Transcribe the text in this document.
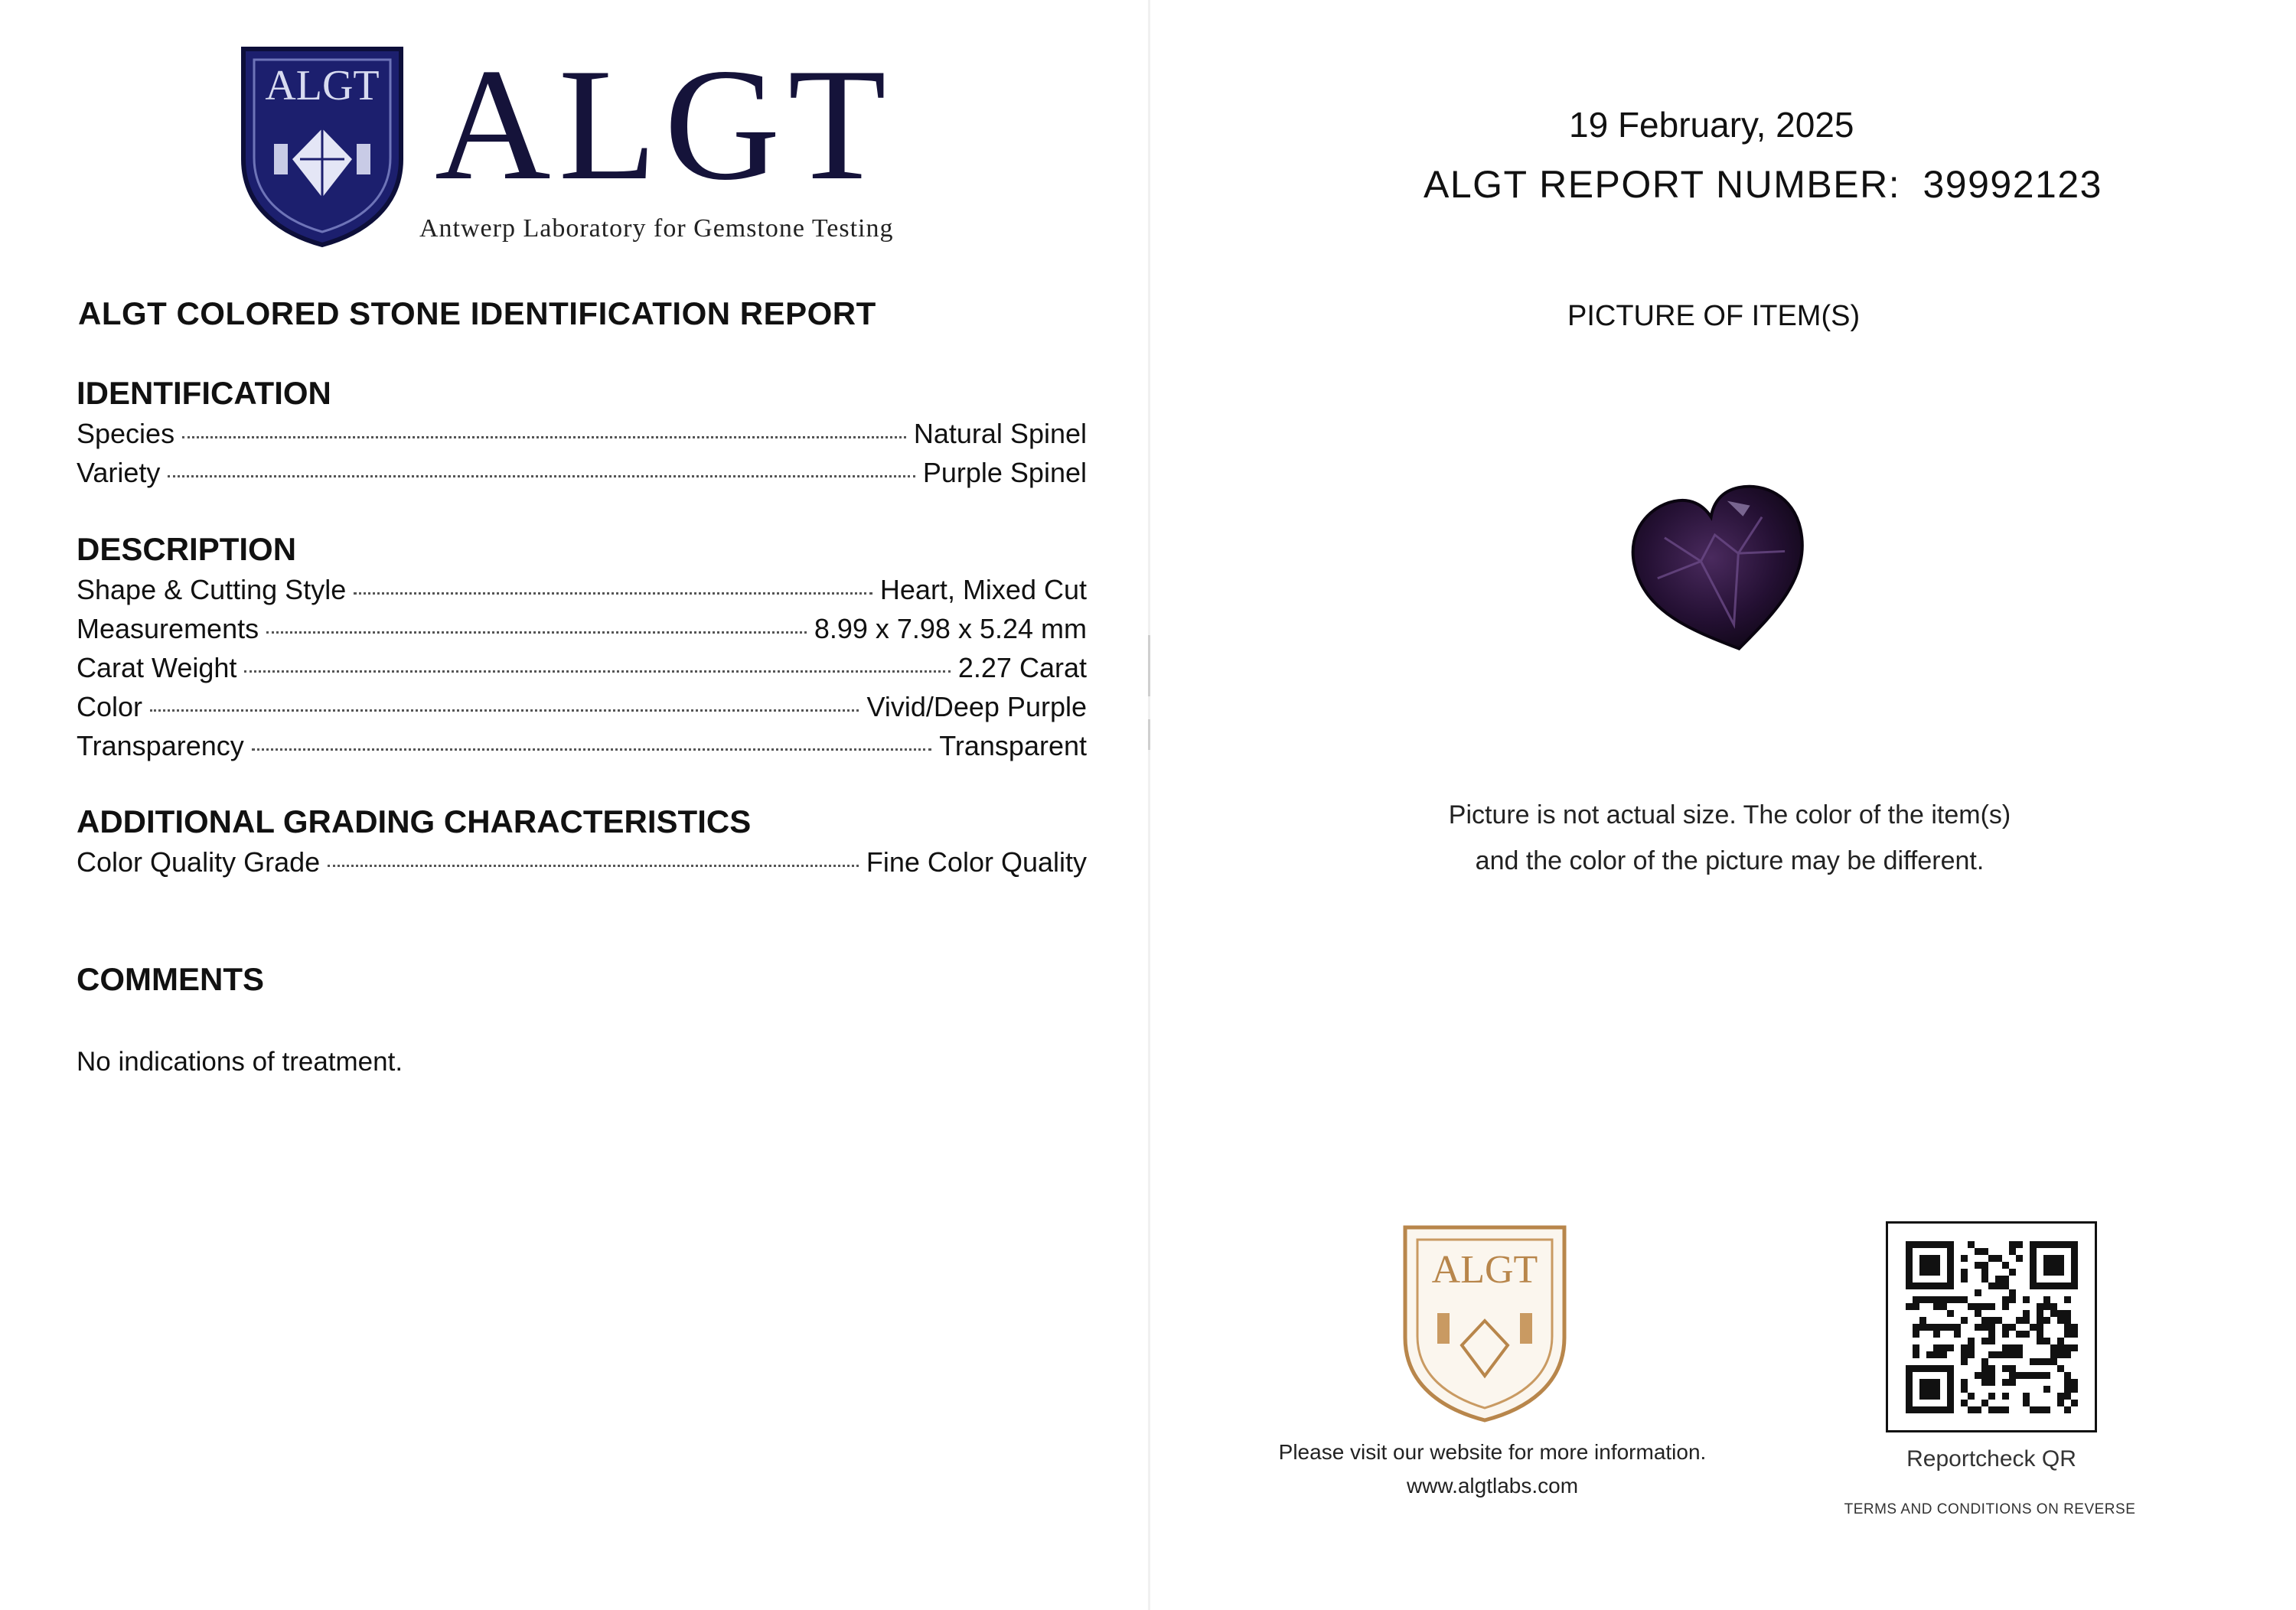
ALGT ALGT
Antwerp Laboratory for Gemstone Testing
ALGT COLORED STONE IDENTIFICATION REPORT
IDENTIFICATION
Species	Natural Spinel
Variety	Purple Spinel
DESCRIPTION
Shape & Cutting Style	Heart, Mixed Cut
Measurements	8.99 x 7.98 x 5.24 mm
Carat Weight	2.27 Carat
Color	Vivid/Deep Purple
Transparency	Transparent
ADDITIONAL GRADING CHARACTERISTICS
Color Quality Grade	Fine Color Quality
COMMENTS
No indications of treatment.
19 February, 2025
ALGT REPORT NUMBER: 39992123
PICTURE OF ITEM(S)
Picture is not actual size. The color of the item(s)
and the color of the picture may be different.
ALGT
Please visit our website for more information.
www.algtlabs.com
Reportcheck QR
TERMS AND CONDITIONS ON REVERSE
